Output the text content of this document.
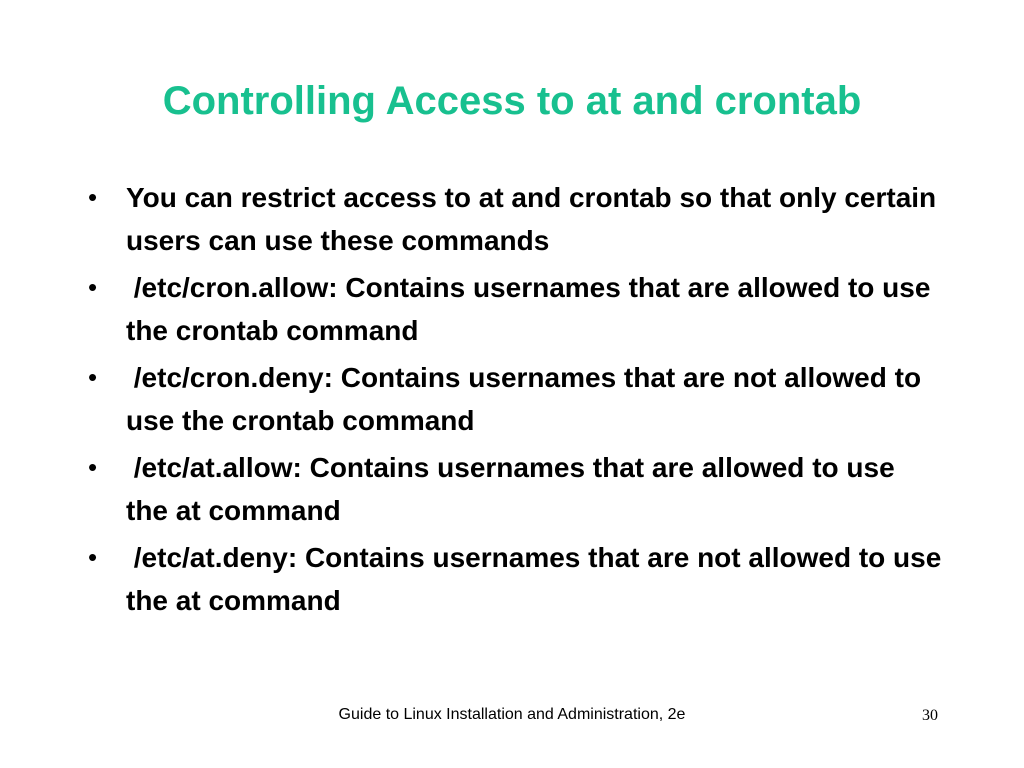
Controlling Access to at and crontab
• You can restrict access to at and crontab so that only certain users can use these commands
• /etc/cron.allow: Contains usernames that are allowed to use the crontab command
• /etc/cron.deny: Contains usernames that are not allowed to use the crontab command
• /etc/at.allow: Contains usernames that are allowed to use the at command
• /etc/at.deny: Contains usernames that are not allowed to use the at command
Guide to Linux Installation and Administration, 2e	30
